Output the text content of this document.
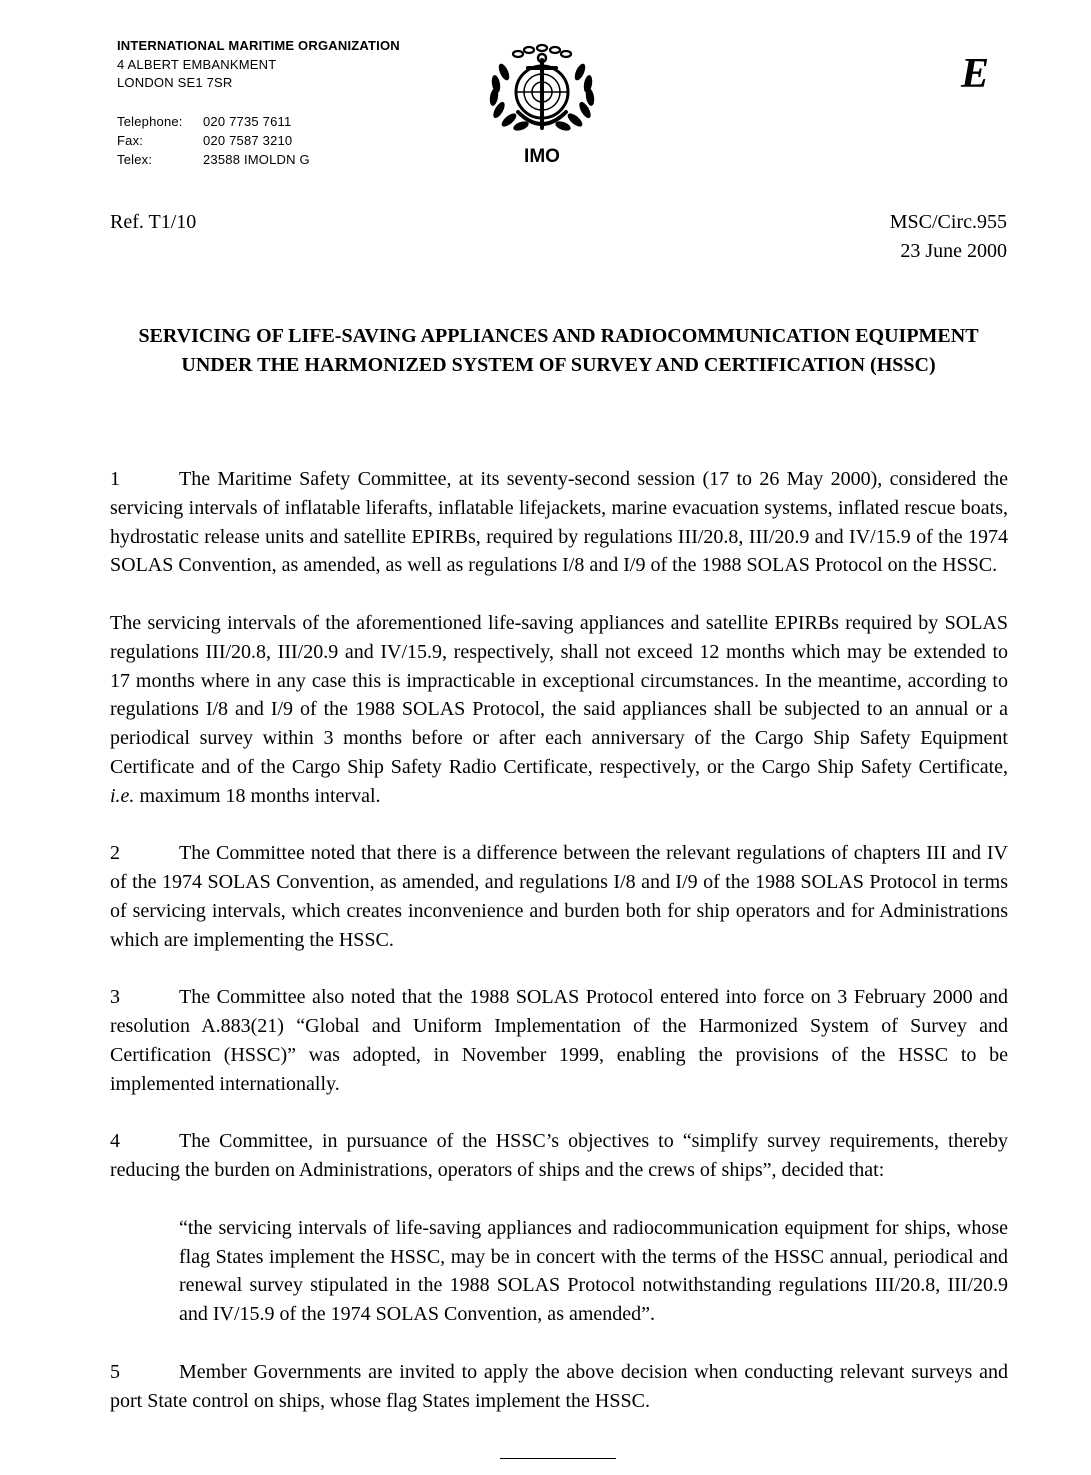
INTERNATIONAL MARITIME ORGANIZATION
4 ALBERT EMBANKMENT
LONDON SE1 7SR
Telephone:	020 7735 7611
Fax:	020 7587 3210
Telex:	23588 IMOLDN G	IMO
E
Ref. T1/10	MSC/Circ.955
23 June 2000
SERVICING OF LIFE-SAVING APPLIANCES AND RADIOCOMMUNICATION EQUIPMENT UNDER THE HARMONIZED SYSTEM OF SURVEY AND CERTIFICATION (HSSC)

1	The Maritime Safety Committee, at its seventy-second session (17 to 26 May 2000), considered the servicing intervals of inflatable liferafts, inflatable lifejackets, marine evacuation systems, inflated rescue boats, hydrostatic release units and satellite EPIRBs, required by regulations III/20.8, III/20.9 and IV/15.9 of the 1974 SOLAS Convention, as amended, as well as regulations I/8 and I/9 of the 1988 SOLAS Protocol on the HSSC.

The servicing intervals of the aforementioned life-saving appliances and satellite EPIRBs required by SOLAS regulations III/20.8, III/20.9 and IV/15.9, respectively, shall not exceed 12 months which may be extended to 17 months where in any case this is impracticable in exceptional circumstances. In the meantime, according to regulations I/8 and I/9 of the 1988 SOLAS Protocol, the said appliances shall be subjected to an annual or a periodical survey within 3 months before or after each anniversary of the Cargo Ship Safety Equipment Certificate and of the Cargo Ship Safety Radio Certificate, respectively, or the Cargo Ship Safety Certificate, i.e. maximum 18 months interval.

2	The Committee noted that there is a difference between the relevant regulations of chapters III and IV of the 1974 SOLAS Convention, as amended, and regulations I/8 and I/9 of the 1988 SOLAS Protocol in terms of servicing intervals, which creates inconvenience and burden both for ship operators and for Administrations which are implementing the HSSC.

3	The Committee also noted that the 1988 SOLAS Protocol entered into force on 3 February 2000 and resolution A.883(21) “Global and Uniform Implementation of the Harmonized System of Survey and Certification (HSSC)” was adopted, in November 1999, enabling the provisions of the HSSC to be implemented internationally.

4	The Committee, in pursuance of the HSSC’s objectives to “simplify survey requirements, thereby reducing the burden on Administrations, operators of ships and the crews of ships”, decided that:

“the servicing intervals of life-saving appliances and radiocommunication equipment for ships, whose flag States implement the HSSC, may be in concert with the terms of the HSSC annual, periodical and renewal survey stipulated in the 1988 SOLAS Protocol notwithstanding regulations III/20.8, III/20.9 and IV/15.9 of the 1974 SOLAS Convention, as amended”.

5	Member Governments are invited to apply the above decision when conducting relevant surveys and port State control on ships, whose flag States implement the HSSC.
